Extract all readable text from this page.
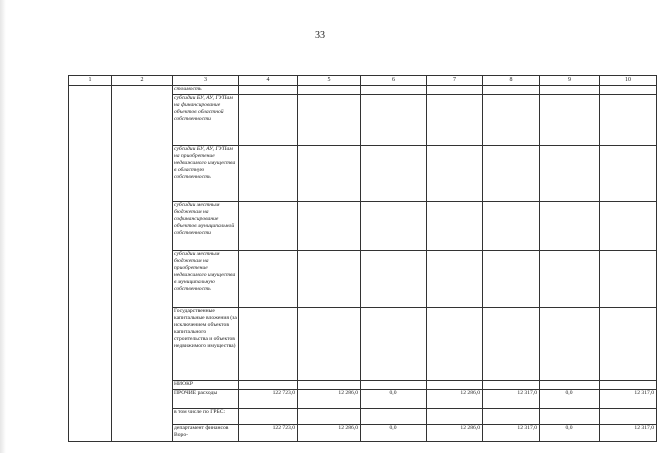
33
1	2	3	4	5	6	7	8	9	10
		стоимость							
		субсидии БУ, АУ, ГУПам на финансирование объектов областной собственности							
		субсидии БУ, АУ, ГУПам на приобретение недвижимого имущества в областную собственность							
		субсидии местным бюджетам на софинансирование объектов муниципальной собственности							
		субсидии местным бюджетам на приобретение недвижимого имущества в муниципальную собственность							
		Государственные капитальные вложения (за исключением объектов капитального строительства и объектов недвижимого имущества)							
		НИОКР							
		ПРОЧИЕ расходы	122 723,0	12 286,0	0,0	12 286,0	12 317,0	0,0	12 317,0
		в том числе по ГРБС:							
		департамент финансов Воро-	122 723,0	12 286,0	0,0	12 286,0	12 317,0	0,0	12 317,0
